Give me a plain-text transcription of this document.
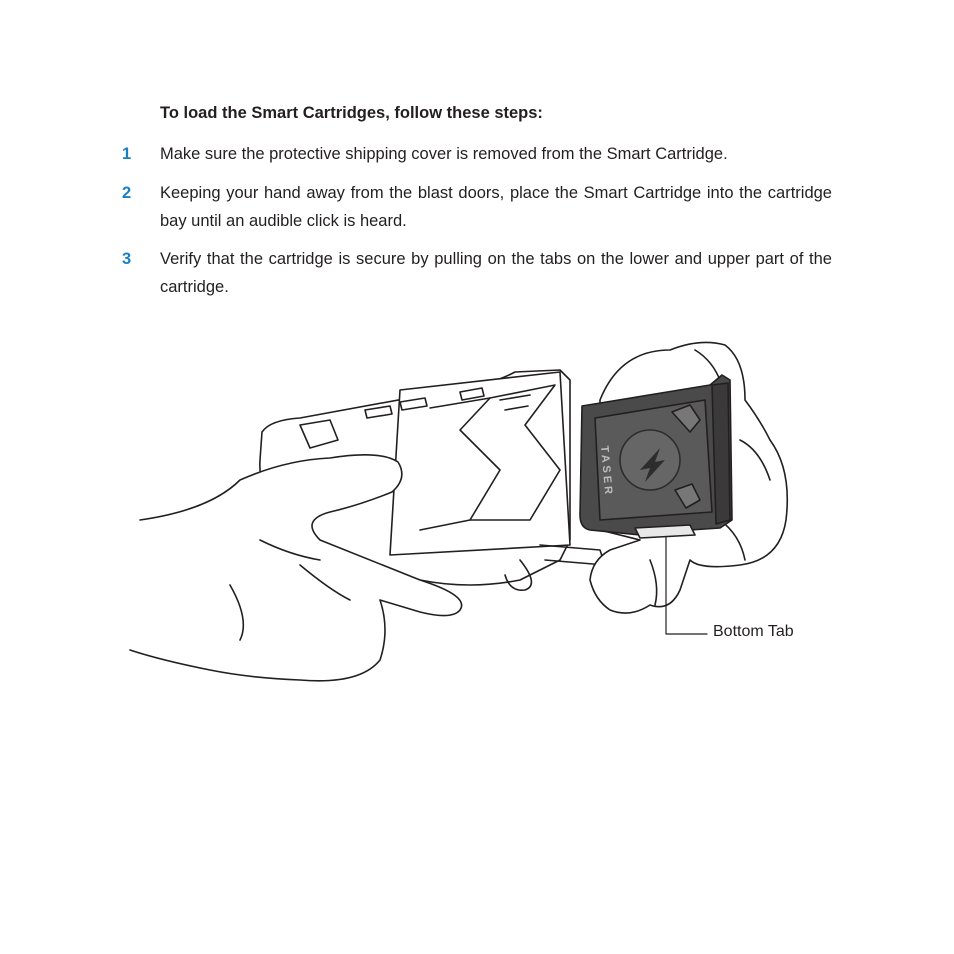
To load the Smart Cartridges, follow these steps:

1 Make sure the protective shipping cover is removed from the Smart Cartridge.
2 Keeping your hand away from the blast doors, place the Smart Cartridge into the cartridge bay until an audible click is heard.
3 Verify that the cartridge is secure by pulling on the tabs on the lower and upper part of the cartridge.
TASER
Bottom Tab
